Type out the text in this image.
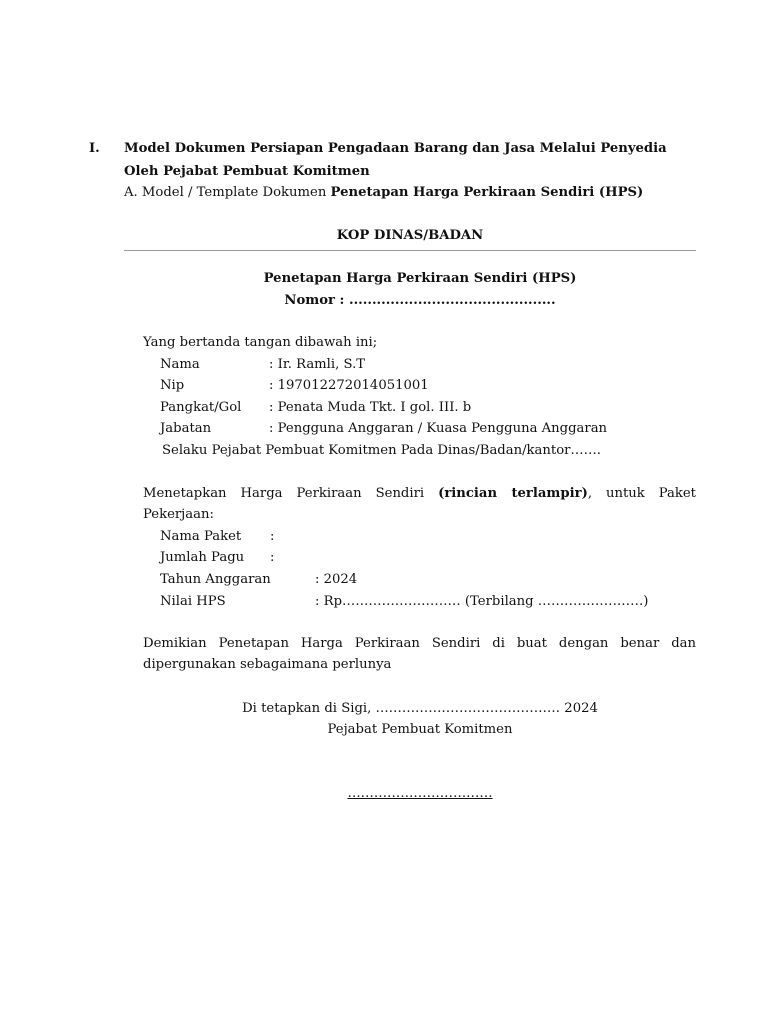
I. Model Dokumen Persiapan Pengadaan Barang dan Jasa Melalui Penyedia
Oleh Pejabat Pembuat Komitmen
A. Model / Template Dokumen Penetapan Harga Perkiraan Sendiri (HPS)
KOP DINAS/BADAN
Penetapan Harga Perkiraan Sendiri (HPS)
Nomor : .............................................
Yang bertanda tangan dibawah ini;
Nama	: Ir. Ramli, S.T
Nip	: 197012272014051001
Pangkat/Gol : Penata Muda Tkt. I gol. III. b
Jabatan	: Pengguna Anggaran / Kuasa Pengguna Anggaran
Selaku Pejabat Pembuat Komitmen Pada Dinas/Badan/kantor…….
Menetapkan Harga Perkiraan Sendiri (rincian terlampir), untuk Paket
Pekerjaan:
Nama Paket :
Jumlah Pagu :
Tahun Anggaran	: 2024
Nilai HPS	: Rp……………………… (Terbilang ……………………)
Demikian Penetapan Harga Perkiraan Sendiri di buat dengan benar dan
dipergunakan sebagaimana perlunya
Di tetapkan di Sigi, …………………………………… 2024
Pejabat Pembuat Komitmen
……………………………
